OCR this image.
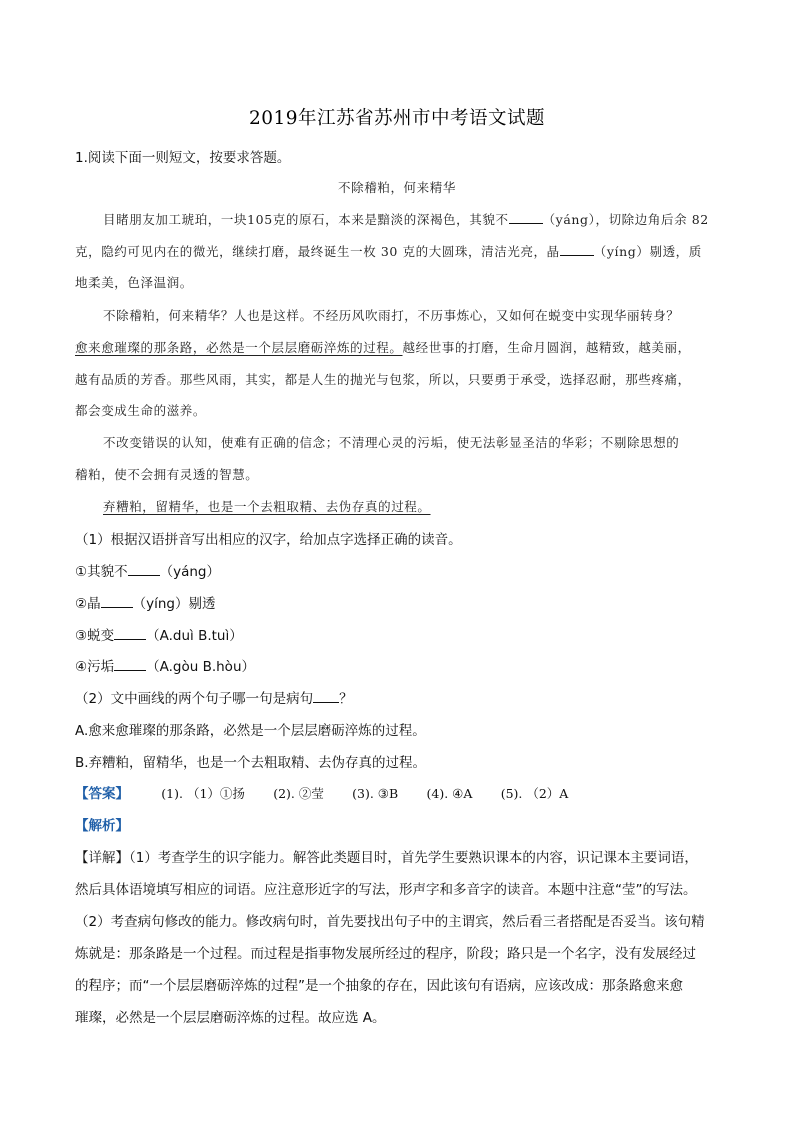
2019年江苏省苏州市中考语文试题
1.阅读下面一则短文，按要求答题。
不除稽粕，何来精华
目睹朋友加工琥珀，一块105克的原石，本来是黯淡的深褐色，其貌不	（yáng），切除边角后余 82
克，隐约可见内在的微光，继续打磨，最终诞生一枚 30 克的大圆珠，清洁光亮，晶	（yíng）剔透，质
地柔美，色泽温润。
不除稽粕，何来精华？人也是这样。不经历风吹雨打，不历事炼心，又如何在蜕变中实现华丽转身？
愈来愈璀璨的那条路，必然是一个层层磨砺淬炼的过程。越经世事的打磨，生命月圆润，越精致，越美丽，
越有品质的芳香。那些风雨，其实，都是人生的抛光与包浆，所以，只要勇于承受，选择忍耐，那些疼痛，
都会变成生命的滋养。
不改变错误的认知，使难有正确的信念；不清理心灵的污垢，使无法彰显圣洁的华彩；不剔除思想的
稽粕，使不会拥有灵透的智慧。
弃糟粕，留精华，也是一个去粗取精、去伪存真的过程。
（1）根据汉语拼音写出相应的汉字，给加点字选择正确的读音。
①其貌不 （yáng）
②晶 （yíng）剔透
③蜕变 （A.duì B.tuì）
④污垢 （A.gòu B.hòu）
（2）文中画线的两个句子哪一句是病句 ？
A.愈来愈璀璨的那条路，必然是一个层层磨砺淬炼的过程。
B.弃糟粕，留精华，也是一个去粗取精、去伪存真的过程。
【答案】	(1). （1）①扬 (2). ②莹 (3). ③B (4). ④A (5). （2）A
【解析】
【详解】（1）考查学生的识字能力。解答此类题目时，首先学生要熟识课本的内容，识记课本主要词语，
然后具体语境填写相应的词语。应注意形近字的写法，形声字和多音字的读音。本题中注意“莹”的写法。
（2）考查病句修改的能力。修改病句时，首先要找出句子中的主谓宾，然后看三者搭配是否妥当。该句精
炼就是：那条路是一个过程。而过程是指事物发展所经过的程序，阶段；路只是一个名字，没有发展经过
的程序；而“一个层层磨砺淬炼的过程”是一个抽象的存在，因此该句有语病，应该改成：那条路愈来愈
璀璨，必然是一个层层磨砺淬炼的过程。故应选 A。
